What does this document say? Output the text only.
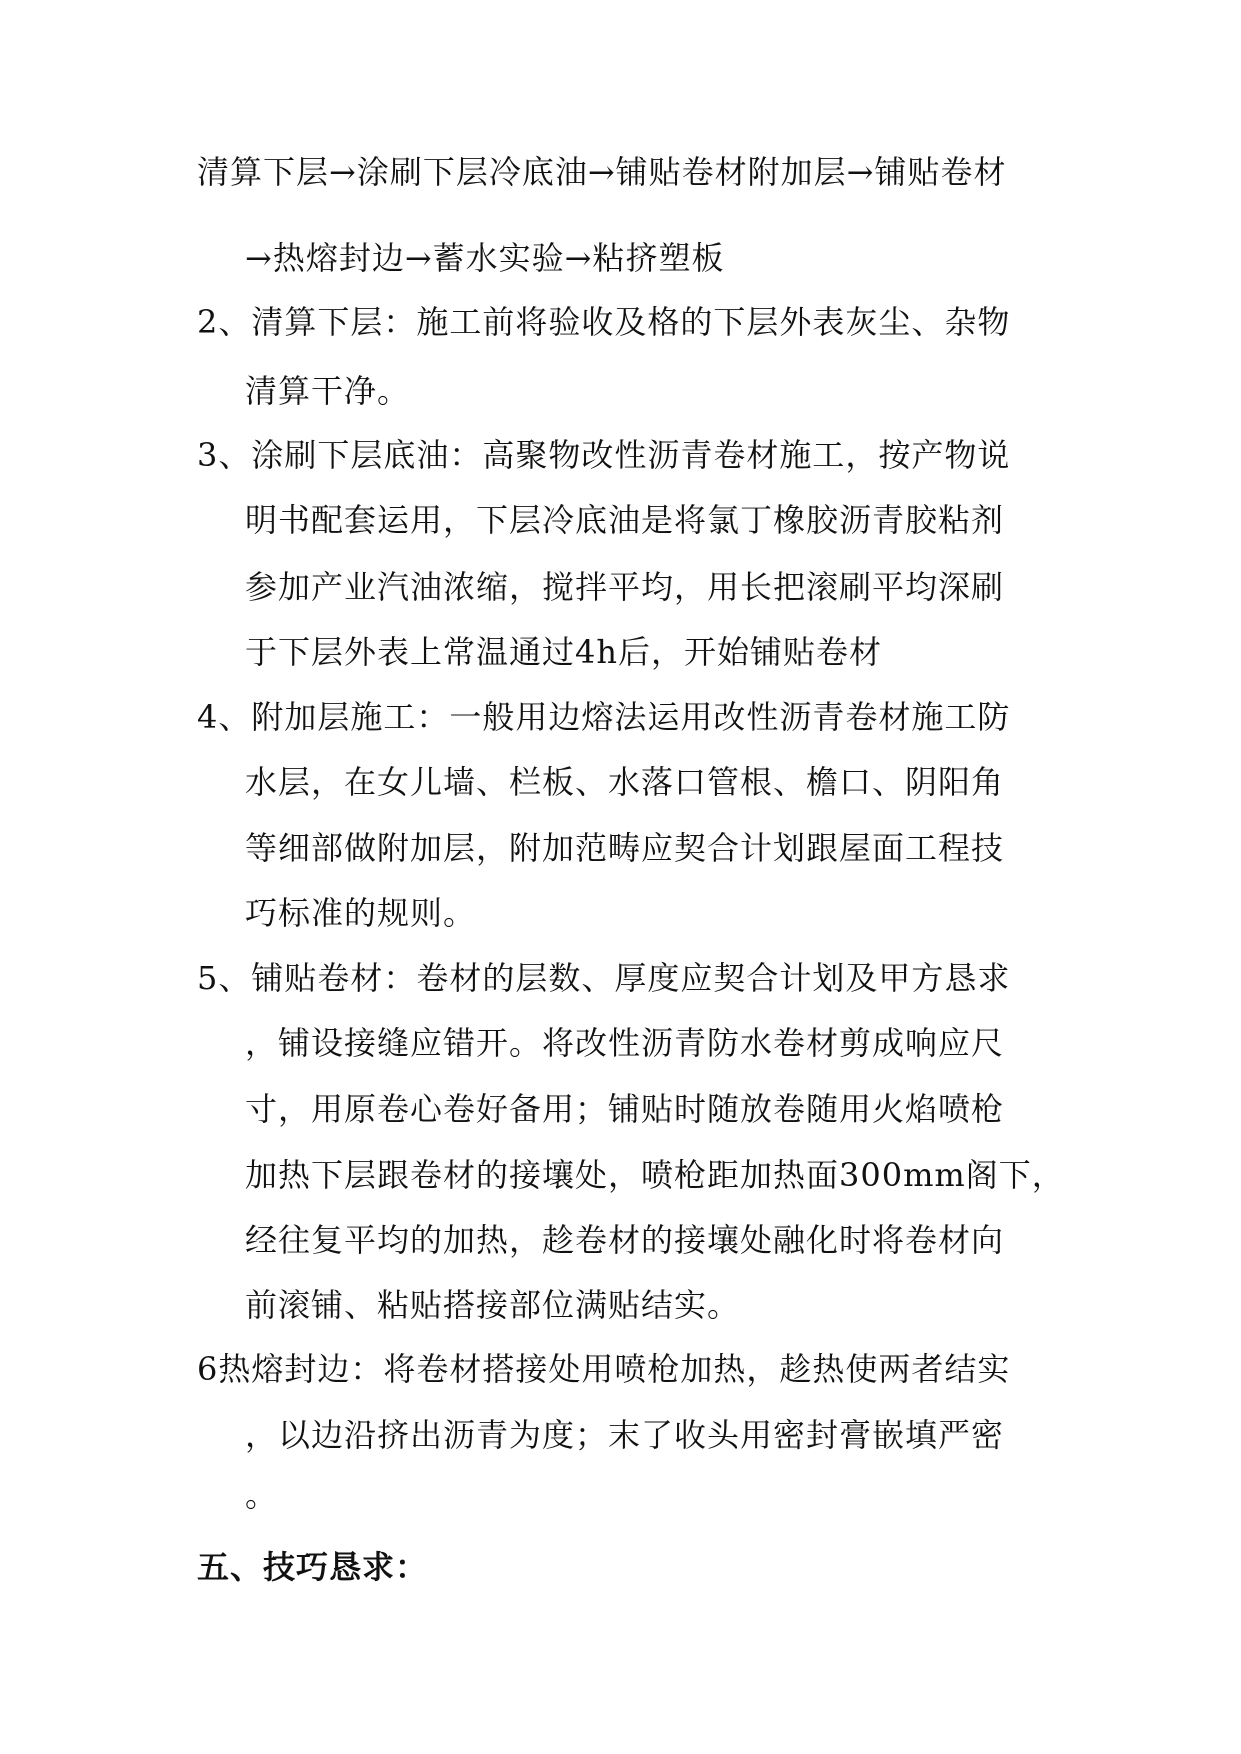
清算下层→涂刷下层冷底油→铺贴卷材附加层→铺贴卷材
→热熔封边→蓄水实验→粘挤塑板
2、清算下层：施工前将验收及格的下层外表灰尘、杂物
清算干净。
3、涂刷下层底油：高聚物改性沥青卷材施工，按产物说
明书配套运用，下层冷底油是将氯丁橡胶沥青胶粘剂
参加产业汽油浓缩，搅拌平均，用长把滚刷平均深刷
于下层外表上常温通过4h后，开始铺贴卷材
4、附加层施工：一般用边熔法运用改性沥青卷材施工防
水层，在女儿墙、栏板、水落口管根、檐口、阴阳角
等细部做附加层，附加范畴应契合计划跟屋面工程技
巧标准的规则。
5、铺贴卷材：卷材的层数、厚度应契合计划及甲方恳求
，铺设接缝应错开。将改性沥青防水卷材剪成响应尺
寸，用原卷心卷好备用；铺贴时随放卷随用火焰喷枪
加热下层跟卷材的接壤处，喷枪距加热面300mm阁下，
经往复平均的加热，趁卷材的接壤处融化时将卷材向
前滚铺、粘贴搭接部位满贴结实。
6热熔封边：将卷材搭接处用喷枪加热，趁热使两者结实
，以边沿挤出沥青为度；末了收头用密封膏嵌填严密
。
五、技巧恳求：
